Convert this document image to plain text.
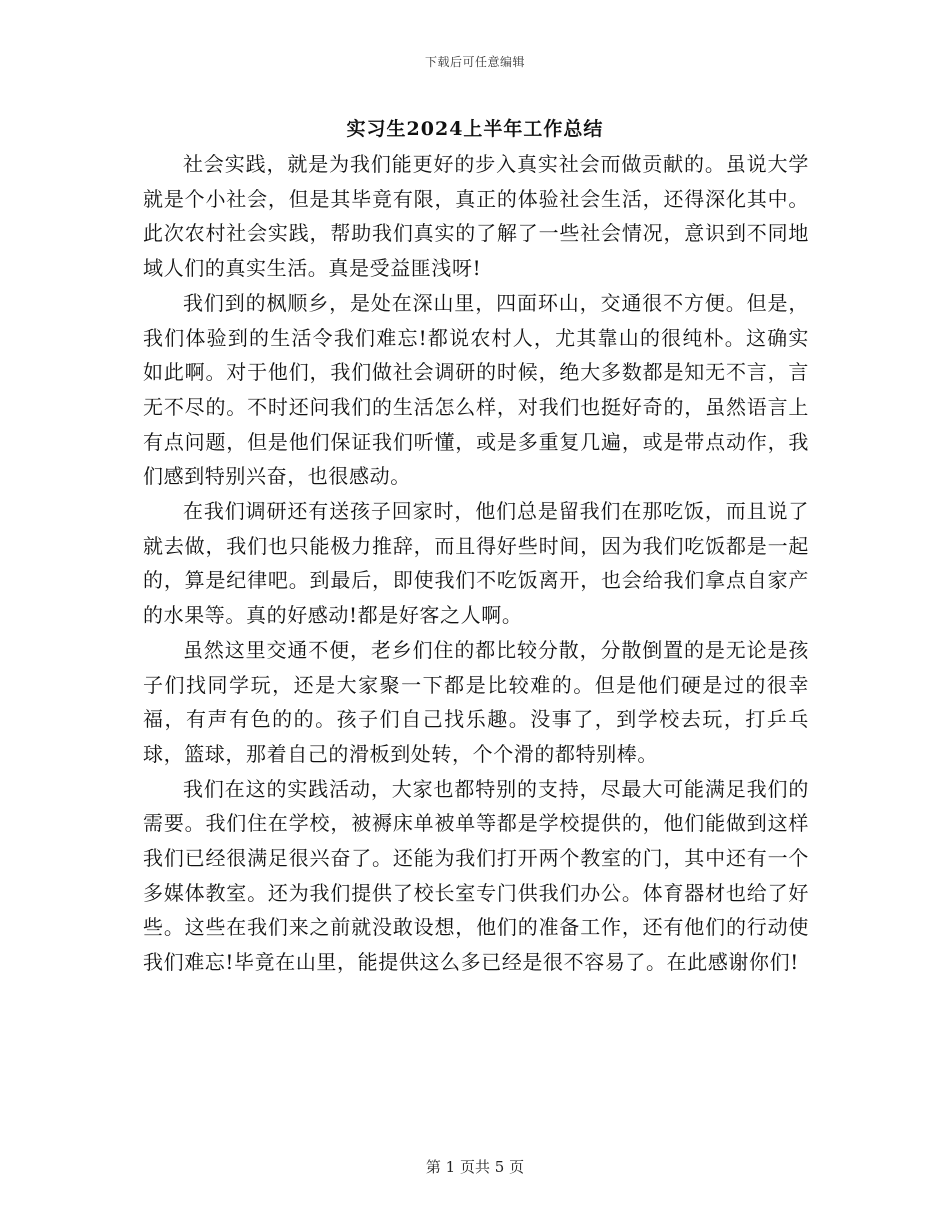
下载后可任意编辑
实习生2024上半年工作总结

社会实践，就是为我们能更好的步入真实社会而做贡献的。虽说大学就是个小社会，但是其毕竟有限，真正的体验社会生活，还得深化其中。此次农村社会实践，帮助我们真实的了解了一些社会情况，意识到不同地域人们的真实生活。真是受益匪浅呀!

我们到的枫顺乡，是处在深山里，四面环山，交通很不方便。但是，我们体验到的生活令我们难忘!都说农村人，尤其靠山的很纯朴。这确实如此啊。对于他们，我们做社会调研的时候，绝大多数都是知无不言，言无不尽的。不时还问我们的生活怎么样，对我们也挺好奇的，虽然语言上有点问题，但是他们保证我们听懂，或是多重复几遍，或是带点动作，我们感到特别兴奋，也很感动。

在我们调研还有送孩子回家时，他们总是留我们在那吃饭，而且说了就去做，我们也只能极力推辞，而且得好些时间，因为我们吃饭都是一起的，算是纪律吧。到最后，即使我们不吃饭离开，也会给我们拿点自家产的水果等。真的好感动!都是好客之人啊。

虽然这里交通不便，老乡们住的都比较分散，分散倒置的是无论是孩子们找同学玩，还是大家聚一下都是比较难的。但是他们硬是过的很幸福，有声有色的的。孩子们自己找乐趣。没事了，到学校去玩，打乒乓球，篮球，那着自己的滑板到处转，个个滑的都特别棒。

我们在这的实践活动，大家也都特别的支持，尽最大可能满足我们的需要。我们住在学校，被褥床单被单等都是学校提供的，他们能做到这样我们已经很满足很兴奋了。还能为我们打开两个教室的门，其中还有一个多媒体教室。还为我们提供了校长室专门供我们办公。体育器材也给了好些。这些在我们来之前就没敢设想，他们的准备工作，还有他们的行动使我们难忘!毕竟在山里，能提供这么多已经是很不容易了。在此感谢你们!

第 1 页共 5 页
